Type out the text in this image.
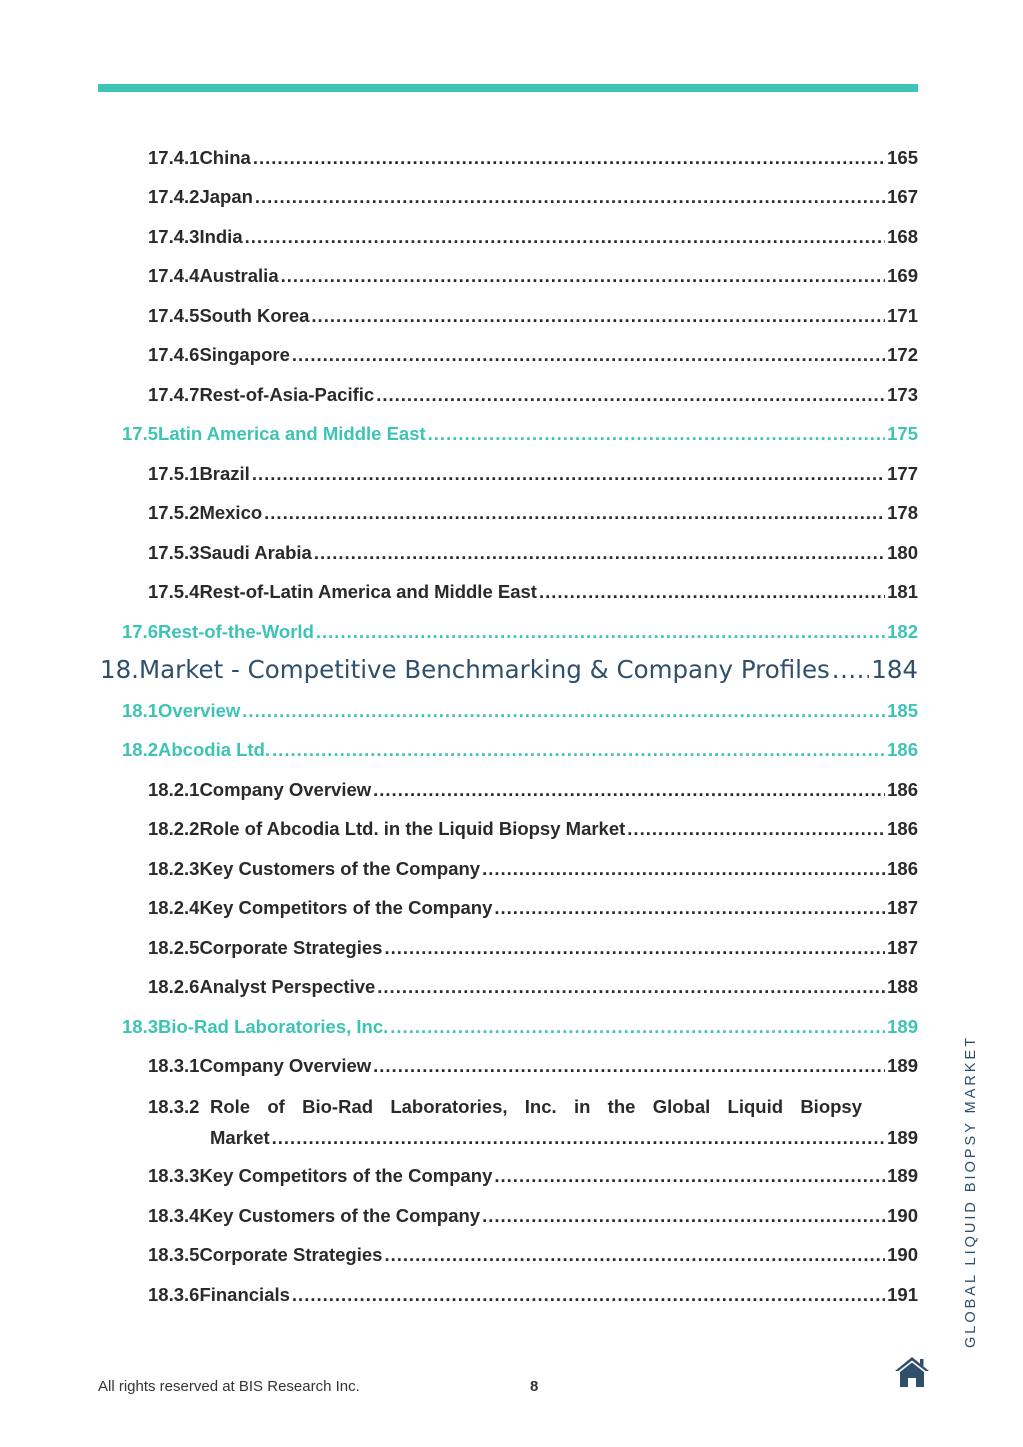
17.4.1 China .....	165
17.4.2 Japan .....	167
17.4.3 India .....	168
17.4.4 Australia .....	169
17.4.5 South Korea .....	171
17.4.6 Singapore .....	172
17.4.7 Rest-of-Asia-Pacific .....	173
17.5 Latin America and Middle East .....	175
17.5.1 Brazil .....	177
17.5.2 Mexico .....	178
17.5.3 Saudi Arabia .....	180
17.5.4 Rest-of-Latin America and Middle East .....	181
17.6 Rest-of-the-World .....	182
18. Market - Competitive Benchmarking & Company Profiles ..... 184
18.1 Overview .....	185
18.2 Abcodia Ltd. .....	186
18.2.1 Company Overview .....	186
18.2.2 Role of Abcodia Ltd. in the Liquid Biopsy Market .....	186
18.2.3 Key Customers of the Company .....	186
18.2.4 Key Competitors of the Company .....	187
18.2.5 Corporate Strategies .....	187
18.2.6 Analyst Perspective .....	188
18.3 Bio-Rad Laboratories, Inc. .....	189
18.3.1 Company Overview .....	189
18.3.2 Role of Bio-Rad Laboratories, Inc. in the Global Liquid Biopsy
Market .....	189
18.3.3 Key Competitors of the Company .....	189
18.3.4 Key Customers of the Company .....	190
18.3.5 Corporate Strategies .....	190
18.3.6 Financials .....	191	GLOBAL LIQUID BIOPSY MARKET
All rights reserved at BIS Research Inc.	8
